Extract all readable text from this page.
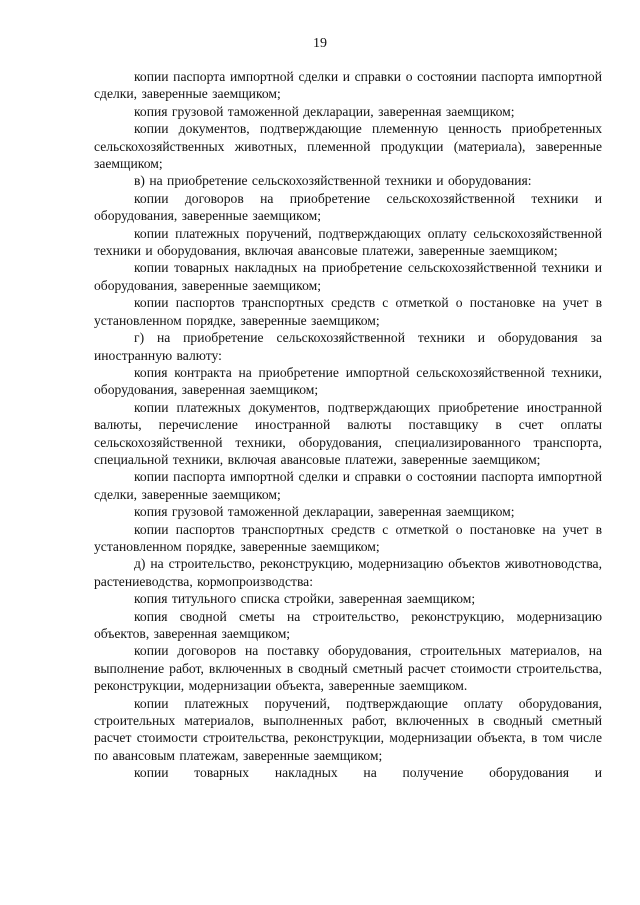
19

копии паспорта импортной сделки и справки о состоянии паспорта импортной сделки, заверенные заемщиком;

копия грузовой таможенной декларации, заверенная заемщиком;

копии документов, подтверждающие племенную ценность приобретенных сельскохозяйственных животных, племенной продукции (материала), заверенные заемщиком;

в) на приобретение сельскохозяйственной техники и оборудования:

копии договоров на приобретение сельскохозяйственной техники и оборудования, заверенные заемщиком;

копии платежных поручений, подтверждающих оплату сельскохозяйственной техники и оборудования, включая авансовые платежи, заверенные заемщиком;

копии товарных накладных на приобретение сельскохозяйственной техники и оборудования, заверенные заемщиком;

копии паспортов транспортных средств с отметкой о постановке на учет в установленном порядке, заверенные заемщиком;

г) на приобретение сельскохозяйственной техники и оборудования за иностранную валюту:

копия контракта на приобретение импортной сельскохозяйственной техники, оборудования, заверенная заемщиком;

копии платежных документов, подтверждающих приобретение иностранной валюты, перечисление иностранной валюты поставщику в счет оплаты сельскохозяйственной техники, оборудования, специализированного транспорта, специальной техники, включая авансовые платежи, заверенные заемщиком;

копии паспорта импортной сделки и справки о состоянии паспорта импортной сделки, заверенные заемщиком;

копия грузовой таможенной декларации, заверенная заемщиком;

копии паспортов транспортных средств с отметкой о постановке на учет в установленном порядке, заверенные заемщиком;

д) на строительство, реконструкцию, модернизацию объектов животноводства, растениеводства, кормопроизводства:

копия титульного списка стройки, заверенная заемщиком;

копия сводной сметы на строительство, реконструкцию, модернизацию объектов, заверенная заемщиком;

копии договоров на поставку оборудования, строительных материалов, на выполнение работ, включенных в сводный сметный расчет стоимости строительства, реконструкции, модернизации объекта, заверенные заемщиком.

копии платежных поручений, подтверждающие оплату оборудования, строительных материалов, выполненных работ, включенных в сводный сметный расчет стоимости строительства, реконструкции, модернизации объекта, в том числе по авансовым платежам, заверенные заемщиком;

копии товарных накладных на получение оборудования и
